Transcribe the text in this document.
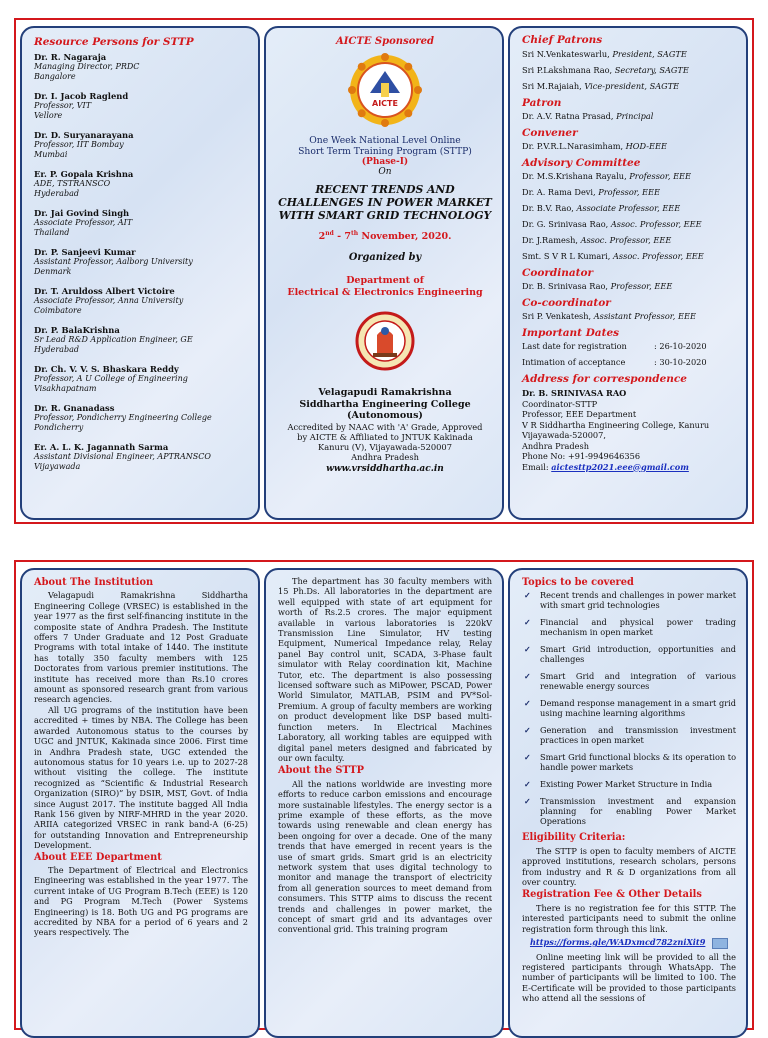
Resource Persons for STTP
Dr. R. Nagaraja
Managing Director, PRDC
Bangalore
Dr. I. Jacob Raglend
Professor, VIT
Vellore
Dr. D. Suryanarayana
Professor, IIT Bombay
Mumbai
Er. P. Gopala Krishna
ADE, TSTRANSCO
Hyderabad
Dr. Jai Govind Singh
Associate Professor, AIT
Thailand
Dr. P. Sanjeevi Kumar
Assistant Professor, Aalborg University
Denmark
Dr. T. Aruldoss Albert Victoire
Associate Professor, Anna University
Coimbatore
Dr. P. BalaKrishna
Sr Lead R&D Application Engineer, GE
Hyderabad
Dr. Ch. V. V. S. Bhaskara Reddy
Professor, A U College of Engineering
Visakhapatnam
Dr. R. Gnanadass
Professor, Pondicherry Engineering College
Pondicherry
Er. A. L. K. Jagannath Sarma
Assistant Divisional Engineer, APTRANSCO
Vijayawada
AICTE Sponsored
AICTE
One Week National Level Online
Short Term Training Program (STTP)
(Phase-I)
On
RECENT TRENDS AND
CHALLENGES IN POWER MARKET
WITH SMART GRID TECHNOLOGY
2nd - 7th November, 2020.
Organized by
Department of
Electrical & Electronics Engineering
Velagapudi Ramakrishna
Siddhartha Engineering College
(Autonomous)
Accredited by NAAC with 'A' Grade, Approved
by AICTE & Affiliated to JNTUK Kakinada
Kanuru (V), Vijayawada-520007
Andhra Pradesh
www.vrsiddhartha.ac.in
Chief Patrons
Sri N.Venkateswarlu, President, SAGTE
Sri P.Lakshmana Rao, Secretary, SAGTE
Sri M.Rajaiah, Vice-president, SAGTE
Patron
Dr. A.V. Ratna Prasad, Principal
Convener
Dr. P.V.R.L.Narasimham, HOD-EEE
Advisory Committee
Dr. M.S.Krishana Rayalu, Professor, EEE
Dr. A. Rama Devi, Professor, EEE
Dr. B.V. Rao, Associate Professor, EEE
Dr. G. Srinivasa Rao, Assoc. Professor, EEE
Dr. J.Ramesh, Assoc. Professor, EEE
Smt. S V R L Kumari, Assoc. Professor, EEE
Coordinator
Dr. B. Srinivasa Rao, Professor, EEE
Co-coordinator
Sri P. Venkatesh, Assistant Professor, EEE
Important Dates
Last date for registration	: 26-10-2020
Intimation of acceptance	: 30-10-2020
Address for correspondence
Dr. B. SRINIVASA RAO
Coordinator-STTP
Professor, EEE Department
V R Siddhartha Engineering College, Kanuru Vijayawada-520007,
Andhra Pradesh
Phone No: +91-9949646356
Email: aictesttp2021.eee@gmail.com
About The Institution

Velagapudi Ramakrishna Siddhartha Engineering College (VRSEC) is established in the year 1977 as the first self-financing institute in the composite state of Andhra Pradesh. The Institute offers 7 Under Graduate and 12 Post Graduate Programs with total intake of 1440. The institute has totally 350 faculty members with 125 Doctorates from various premier institutions. The institute has received more than Rs.10 crores amount as sponsored research grant from various research agencies.

All UG programs of the institution have been accredited + times by NBA. The College has been awarded Autonomous status to the courses by UGC and JNTUK, Kakinada since 2006. First time in Andhra Pradesh state, UGC extended the autonomous status for 10 years i.e. up to 2027-28 without visiting the college. The institute recognized as “Scientific & Industrial Research Organization (SIRO)” by DSIR, MST, Govt. of India since August 2017. The institute bagged All India Rank 156 given by NIRF-MHRD in the year 2020. ARIIA categorized VRSEC in rank band-A (6-25) for outstanding Innovation and Entrepreneurship Development.

About EEE Department

The Department of Electrical and Electronics Engineering was established in the year 1977. The current intake of UG Program B.Tech (EEE) is 120 and PG Program M.Tech (Power Systems Engineering) is 18. Both UG and PG programs are accredited by NBA for a period of 6 years and 2 years respectively. The

The department has 30 faculty members with 15 Ph.Ds. All laboratories in the department are well equipped with state of art equipment for worth of Rs.2.5 crores. The major equipment available in various laboratories is 220kV Transmission Line Simulator, HV testing Equipment, Numerical Impedance relay, Relay panel Bay control unit, SCADA, 3-Phase fault simulator with Relay coordination kit, Machine Tutor, etc. The department is also possessing licensed software such as MiPower, PSCAD, Power World Simulator, MATLAB, PSIM and PV*Sol-Premium. A group of faculty members are working on product development like DSP based multi-function meters. In Electrical Machines Laboratory, all working tables are equipped with digital panel meters designed and fabricated by our own faculty.

About the STTP

All the nations worldwide are investing more efforts to reduce carbon emissions and encourage more sustainable lifestyles. The energy sector is a prime example of these efforts, as the move towards using renewable and clean energy has been ongoing for over a decade. One of the many trends that have emerged in recent years is the use of smart grids. Smart grid is an electricity network system that uses digital technology to monitor and manage the transport of electricity from all generation sources to meet demand from consumers. This STTP aims to discuss the recent trends and challenges in power market, the concept of smart grid and its advantages over conventional grid. This training program

Topics to be covered
✓ Recent trends and challenges in power market with smart grid technologies
✓ Financial and physical power trading mechanism in open market
✓ Smart Grid introduction, opportunities and challenges
✓ Smart Grid and integration of various renewable energy sources
✓ Demand response management in a smart grid using machine learning algorithms
✓ Generation and transmission investment practices in open market
✓ Smart Grid functional blocks & its operation to handle power markets
✓ Existing Power Market Structure in India
✓ Transmission investment and expansion planning for enabling Power Market Operations
Eligibility Criteria:

The STTP is open to faculty members of AICTE approved institutions, research scholars, persons from industry and R & D organizations from all over country.

Registration Fee & Other Details

There is no registration fee for this STTP. The interested participants need to submit the online registration form through this link.

https://forms.gle/WADxmcd782zniXit9

Online meeting link will be provided to all the registered participants through WhatsApp. The number of participants will be limited to 100. The E-Certificate will be provided to those participants who attend all the sessions of
